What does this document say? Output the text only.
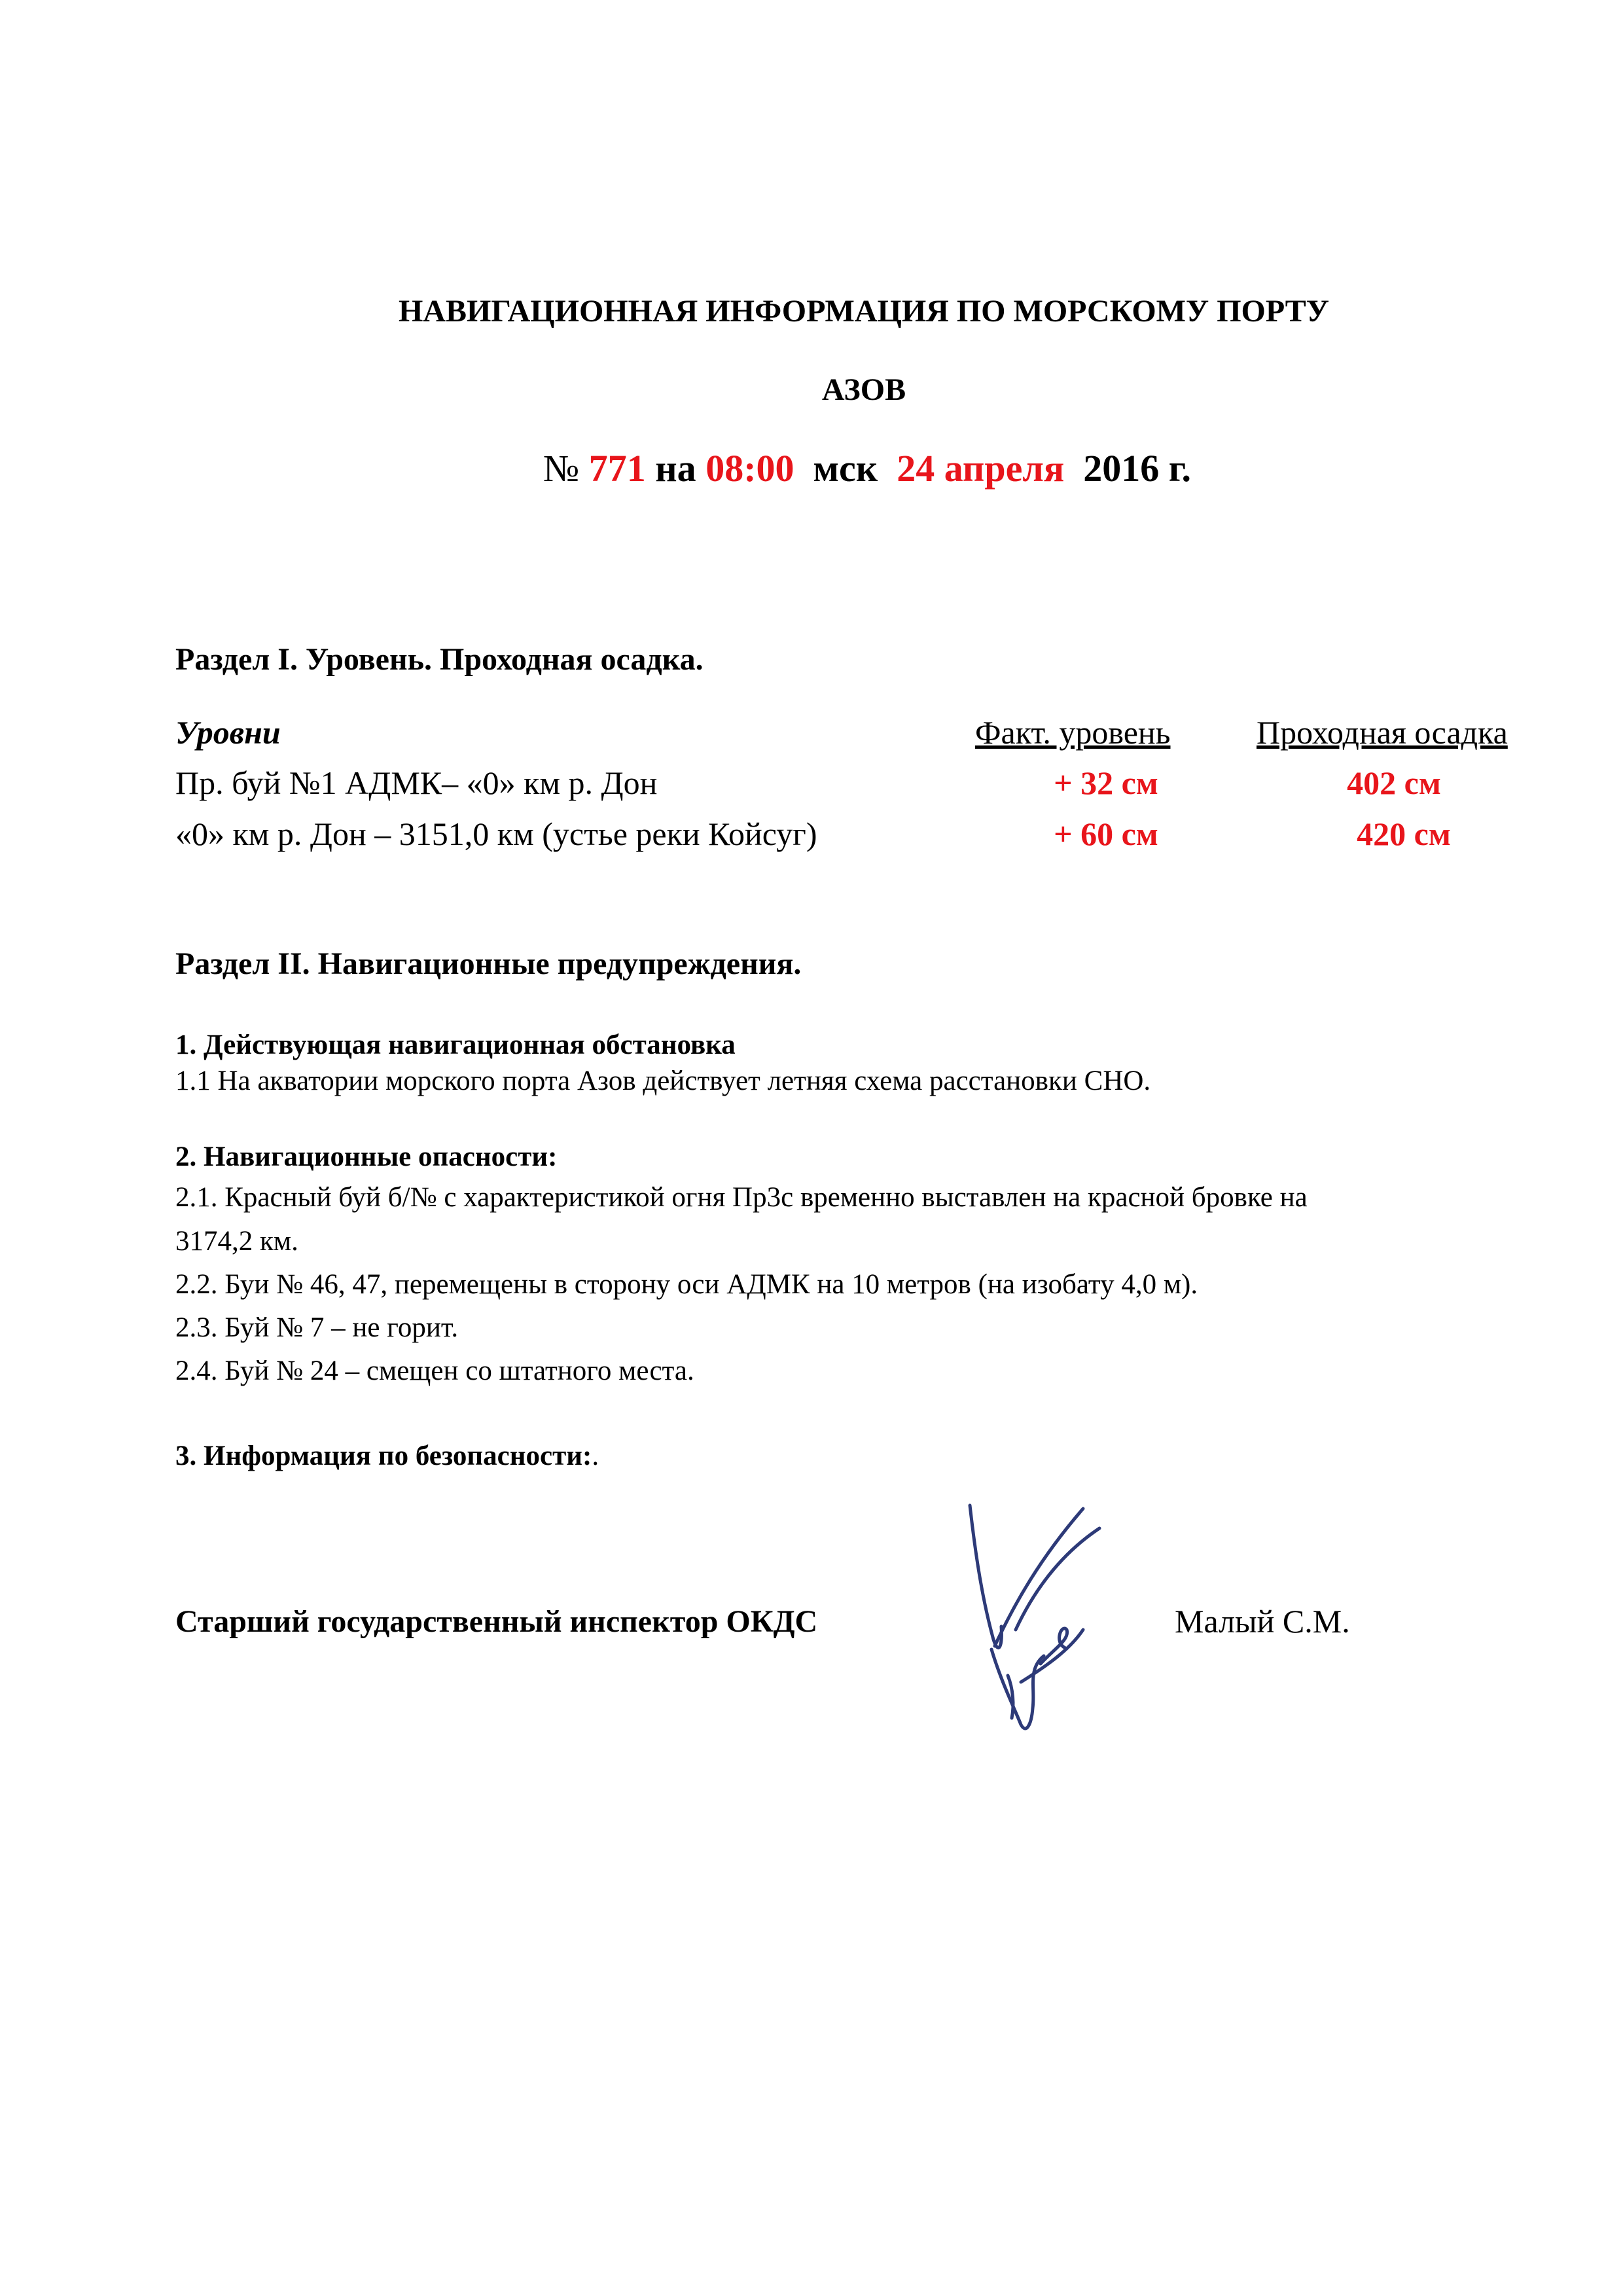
НАВИГАЦИОННАЯ ИНФОРМАЦИЯ ПО МОРСКОМУ ПОРТУ
АЗОВ
№ 771 на 08:00 мск 24 апреля 2016 г.
Раздел I. Уровень. Проходная осадка.
Уровни	Факт. уровень	Проходная осадка
Пр. буй №1 АДМК– «0» км р. Дон	+ 32 см	402 см
«0» км р. Дон – 3151,0 км (устье реки Койсуг)	+ 60 см	420 см
Раздел II. Навигационные предупреждения.
1. Действующая навигационная обстановка
1.1 На акватории морского порта Азов действует летняя схема расстановки СНО.
2. Навигационные опасности:
2.1. Красный буй б/№ с характеристикой огня Пр3с временно выставлен на красной бровке на
3174,2 км.
2.2. Буи № 46, 47, перемещены в сторону оси АДМК на 10 метров (на изобату 4,0 м).
2.3. Буй № 7 – не горит.
2.4. Буй № 24 – смещен со штатного места.
3. Информация по безопасности:.
Старший государственный инспектор ОКДС	Малый С.М.
